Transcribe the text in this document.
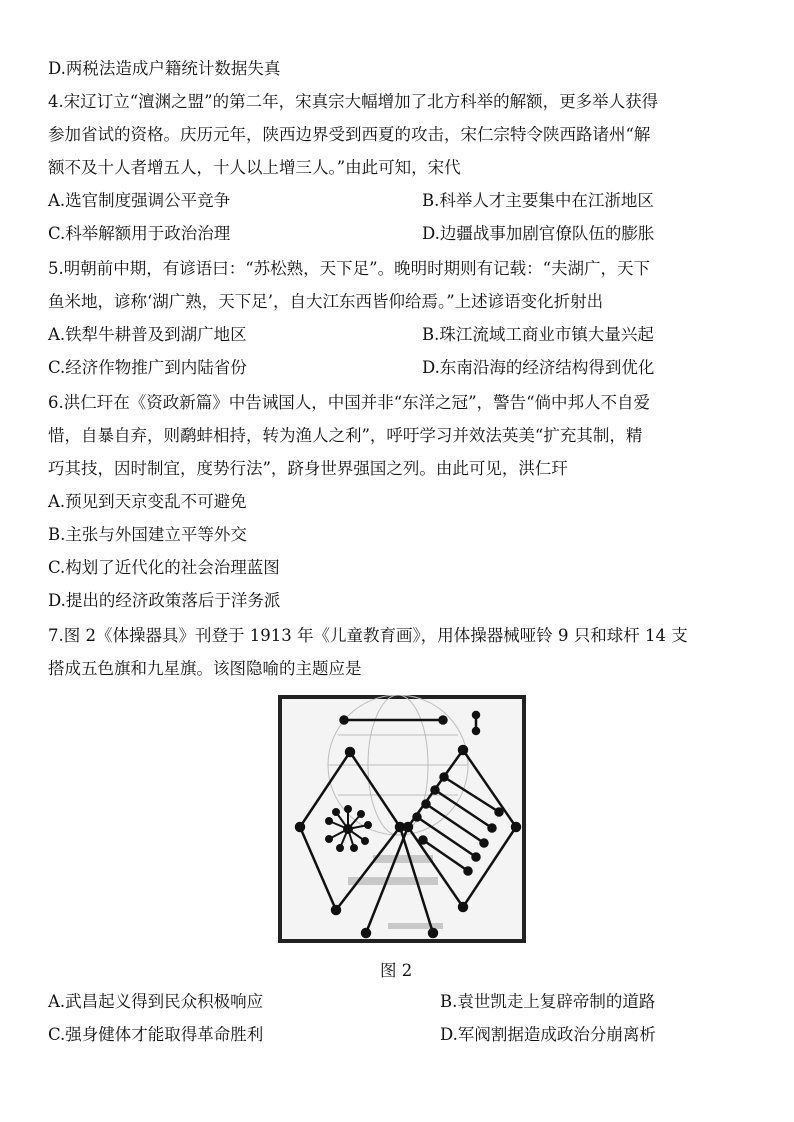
D.两税法造成户籍统计数据失真
4.宋辽订立“澶渊之盟”的第二年，宋真宗大幅增加了北方科举的解额，更多举人获得
参加省试的资格。庆历元年，陕西边界受到西夏的攻击，宋仁宗特令陕西路诸州“解
额不及十人者增五人，十人以上增三人。”由此可知，宋代
A.选官制度强调公平竞争	B.科举人才主要集中在江浙地区
C.科举解额用于政治治理	D.边疆战事加剧官僚队伍的膨胀
5.明朝前中期，有谚语曰：“苏松熟，天下足”。晚明时期则有记载：“夫湖广，天下
鱼米地，谚称‘湖广熟，天下足’，自大江东西皆仰给焉。”上述谚语变化折射出
A.铁犁牛耕普及到湖广地区	B.珠江流域工商业市镇大量兴起
C.经济作物推广到内陆省份	D.东南沿海的经济结构得到优化
6.洪仁玕在《资政新篇》中告诫国人，中国并非“东洋之冠”，警告“倘中邦人不自爱
惜，自暴自弃，则鹬蚌相持，转为渔人之利”，呼吁学习并效法英美“扩充其制，精
巧其技，因时制宜，度势行法”，跻身世界强国之列。由此可见，洪仁玕
A.预见到天京变乱不可避免
B.主张与外国建立平等外交
C.构划了近代化的社会治理蓝图
D.提出的经济政策落后于洋务派
7.图 2《体操器具》刊登于 1913 年《儿童教育画》，用体操器械哑铃 9 只和球杆 14 支
搭成五色旗和九星旗。该图隐喻的主题应是
图 2
A.武昌起义得到民众积极响应	B.袁世凯走上复辟帝制的道路
C.强身健体才能取得革命胜利	D.军阀割据造成政治分崩离析
